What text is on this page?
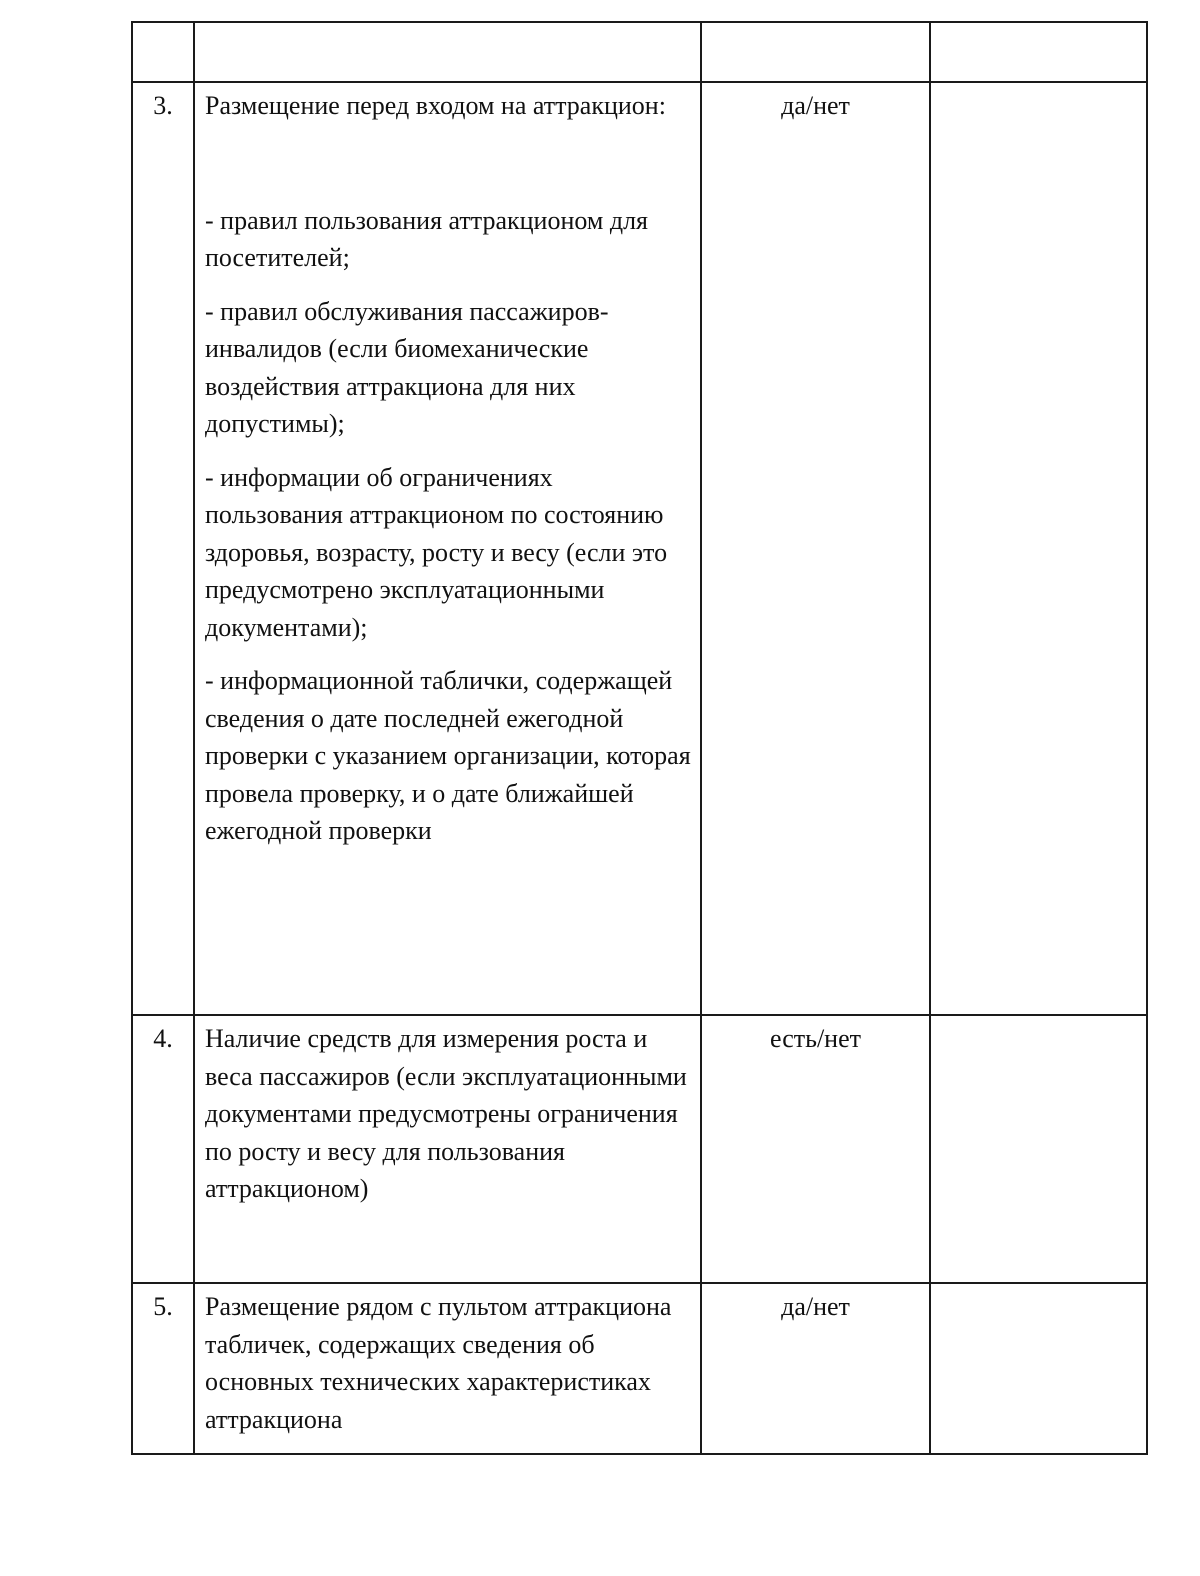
3.	Размещение перед входом на аттракцион:

- правил пользования аттракционом для посетителей;

- правил обслуживания пассажиров-инвалидов (если биомеханические воздействия аттракциона для них допустимы);

- информации об ограничениях пользования аттракционом по состоянию здоровья, возрасту, росту и весу (если это предусмотрено эксплуатационными документами);

- информационной таблички, содержащей сведения о дате последней ежегодной проверки с указанием организации, которая провела проверку, и о дате ближайшей ежегодной проверки	да/нет	
4.	Наличие средств для измерения роста и веса пассажиров (если эксплуатационными документами предусмотрены ограничения по росту и весу для пользования аттракционом)	есть/нет	
5.	Размещение рядом с пультом аттракциона табличек, содержащих сведения об основных технических характеристиках аттракциона	да/нет	
